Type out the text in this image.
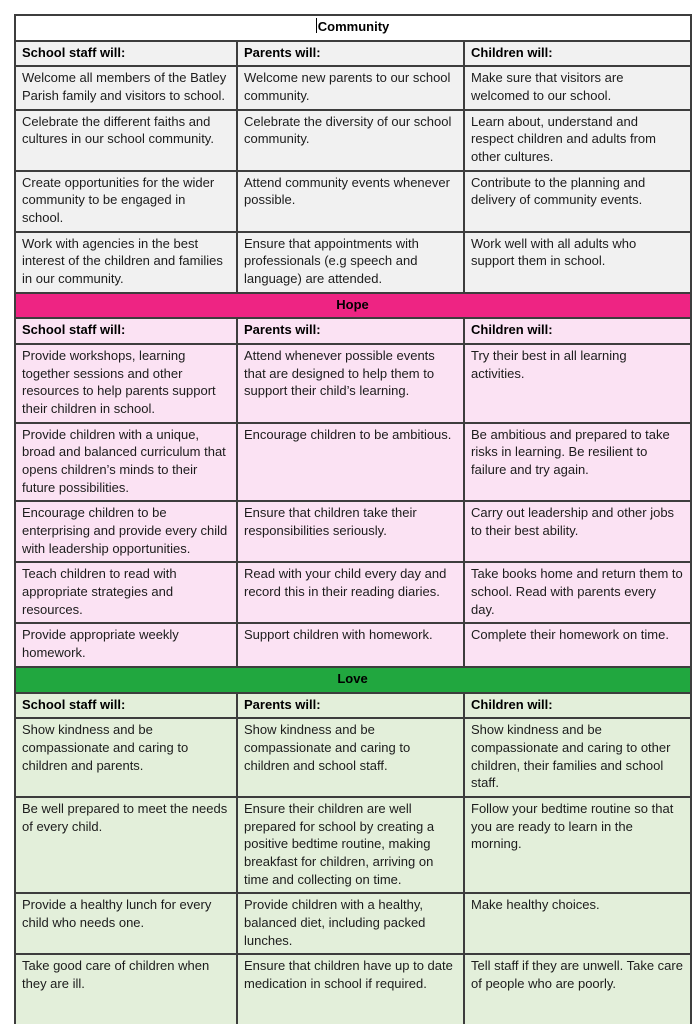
Community		
School staff will:	Parents will:	Children will:
Welcome all members of the Batley Parish family and visitors to school.	Welcome new parents to our school community.	Make sure that visitors are welcomed to our school.
Celebrate the different faiths and cultures in our school community.	Celebrate the diversity of our school community.	Learn about, understand and respect children and adults from other cultures.
Create opportunities for the wider community to be engaged in school.	Attend community events whenever possible.	Contribute to the planning and delivery of community events.
Work with agencies in the best interest of the children and families in our community.	Ensure that appointments with professionals (e.g speech and language) are attended.	Work well with all adults who support them in school.
Hope		
School staff will:	Parents will:	Children will:
Provide workshops, learning together sessions and other resources to help parents support their children in school.	Attend whenever possible events that are designed to help them to support their child’s learning.	Try their best in all learning activities.
Provide children with a unique, broad and balanced curriculum that opens children’s minds to their future possibilities.	Encourage children to be ambitious.	Be ambitious and prepared to take risks in learning. Be resilient to failure and try again.
Encourage children to be enterprising and provide every child with leadership opportunities.	Ensure that children take their responsibilities seriously.	Carry out leadership and other jobs to their best ability.
Teach children to read with appropriate strategies and resources.	Read with your child every day and record this in their reading diaries.	Take books home and return them to school. Read with parents every day.
Provide appropriate weekly homework.	Support children with homework.	Complete their homework on time.
Love		
School staff will:	Parents will:	Children will:
Show kindness and be compassionate and caring to children and parents.	Show kindness and be compassionate and caring to children and school staff.	Show kindness and be compassionate and caring to other children, their families and school staff.
Be well prepared to meet the needs of every child.	Ensure their children are well prepared for school by creating a positive bedtime routine, making breakfast for children, arriving on time and collecting on time.	Follow your bedtime routine so that you are ready to learn in the morning.
Provide a healthy lunch for every child who needs one.	Provide children with a healthy, balanced diet, including packed lunches.	Make healthy choices.
Take good care of children when they are ill.	Ensure that children have up to date medication in school if required.	Tell staff if they are unwell. Take care of people who are poorly.
